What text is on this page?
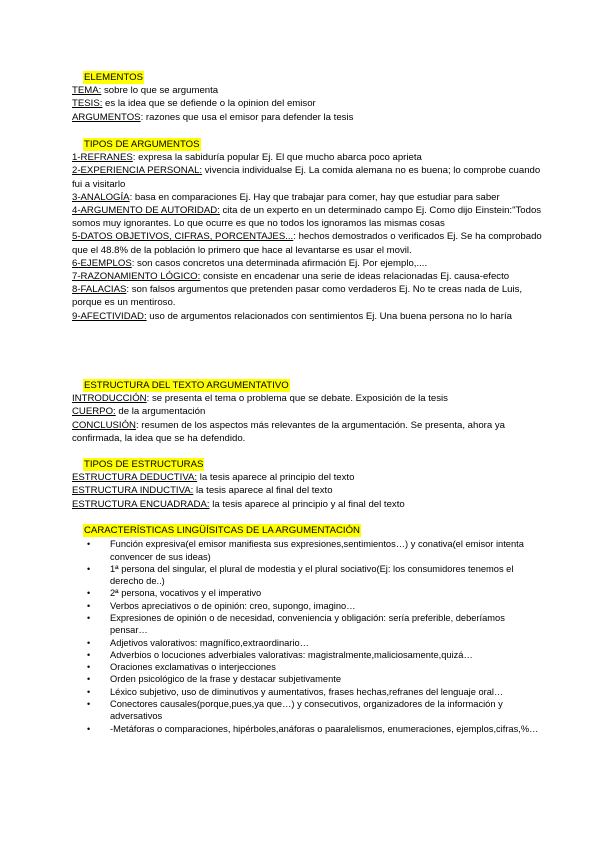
ELEMENTOS
TEMA: sobre lo que se argumenta
TESIS: es la idea que se defiende o la opinion del emisor
ARGUMENTOS: razones que usa el emisor para defender la tesis
TIPOS DE ARGUMENTOS
1-REFRANES: expresa la sabiduría popular Ej. El que mucho abarca poco aprieta
2-EXPERIENCIA PERSONAL: vivencia individualse Ej. La comida alemana no es buena; lo comprobe cuando fui a visitarlo
3-ANALOGÍA: basa en comparaciones Ej. Hay que trabajar para comer, hay que estudiar para saber
4-ARGUMENTO DE AUTORIDAD: cita de un experto en un determinado campo Ej. Como dijo Einstein:"Todos somos muy ignorantes. Lo que ocurre es que no todos los ignoramos las mismas cosas
5-DATOS OBJETIVOS, CIFRAS, PORCENTAJES...: hechos demostrados o verificados Ej. Se ha comprobado que el 48.8% de la población lo primero que hace al levantarse es usar el movil.
6-EJEMPLOS: son casos concretos una determinada afirmación Ej. Por ejemplo,....
7-RAZONAMIENTO LÓGICO: consiste en encadenar una serie de ideas relacionadas Ej. causa-efecto
8-FALACIAS: son falsos argumentos que pretenden pasar como verdaderos Ej. No te creas nada de Luis, porque es un mentiroso.
9-AFECTIVIDAD: uso de argumentos relacionados con sentimientos Ej. Una buena persona no lo haría
ESTRUCTURA DEL TEXTO ARGUMENTATIVO
INTRODUCCIÓN: se presenta el tema o problema que se debate. Exposición de la tesis
CUERPO: de la argumentación
CONCLUSIÓN: resumen de los aspectos más relevantes de la argumentación. Se presenta, ahora ya confirmada, la idea que se ha defendido.
TIPOS DE ESTRUCTURAS
ESTRUCTURA DEDUCTIVA: la tesis aparece al principio del texto
ESTRUCTURA INDUCTIVA: la tesis aparece al final del texto
ESTRUCTURA ENCUADRADA: la tesis aparece al principio y al final del texto
CARACTERÍSTICAS LINGÜÍSITCAS DE LA ARGUMENTACIÓN
• Función expresiva(el emisor manifiesta sus expresiones,sentimientos…) y conativa(el emisor intenta convencer de sus ideas)
• 1ª persona del singular, el plural de modestia y el plural sociativo(Ej: los consumidores tenemos el derecho de..)
• 2ª persona, vocativos y el imperativo
• Verbos apreciativos o de opinión: creo, supongo, imagino…
• Expresiones de opinión o de necesidad, conveniencia y obligación: sería preferible, deberíamos pensar…
• Adjetivos valorativos: magnífico,extraordinario…
• Adverbios o locuciones adverbiales valorativas: magistralmente,maliciosamente,quizá…
• Oraciones exclamativas o interjecciones
• Orden psicológico de la frase y destacar subjetivamente
• Léxico subjetivo, uso de diminutivos y aumentativos, frases hechas,refranes del lenguaje oral…
• Conectores causales(porque,pues,ya que…) y consecutivos, organizadores de la información y adversativos
• -Metáforas o comparaciones, hipérboles,anáforas o paaralelismos, enumeraciones, ejemplos,cifras,%…
